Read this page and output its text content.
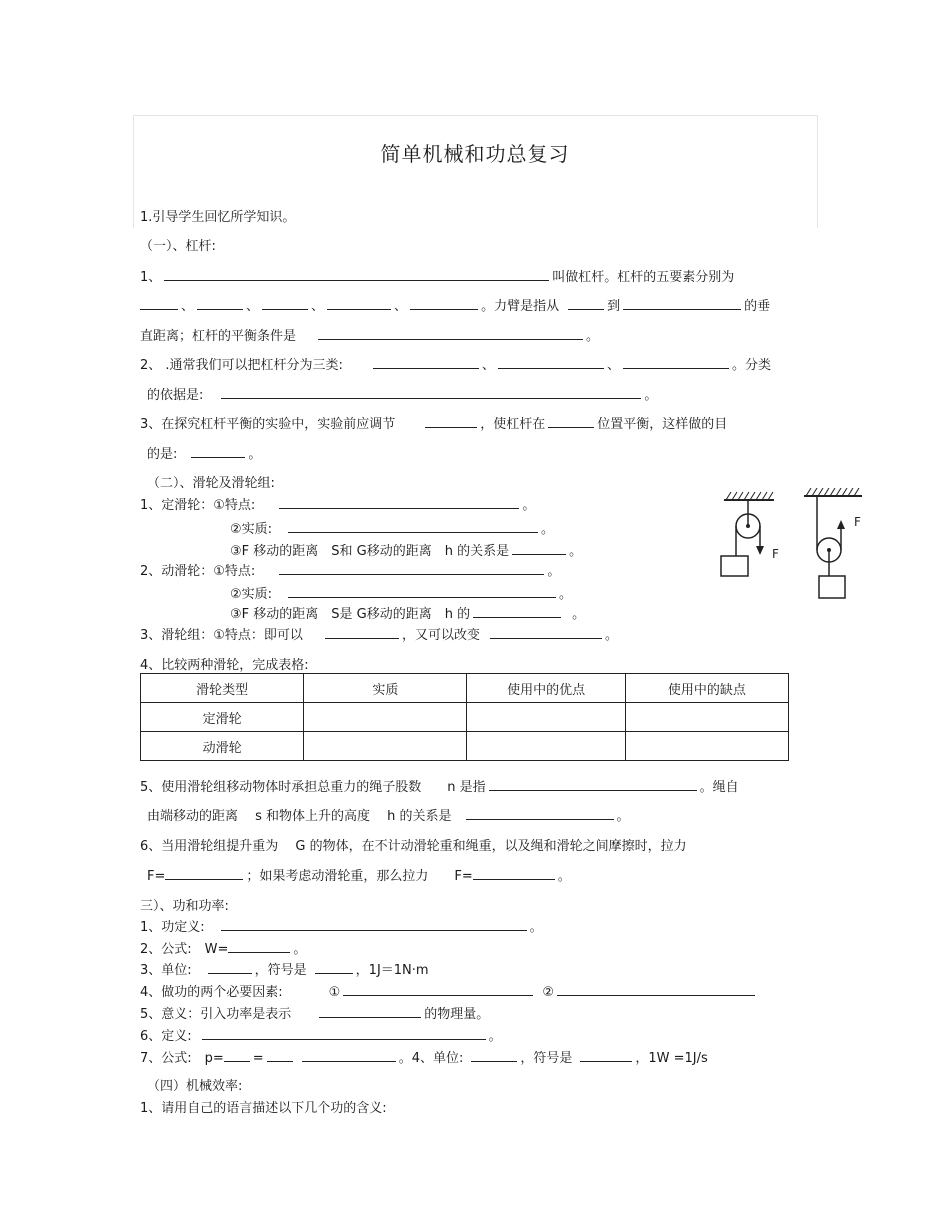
简单机械和功总复习
1.引导学生回忆所学知识。
（一）、杠杆:
1、	叫做杠杆。杠杆的五要素分别为
、	、	、	、	。力臂是指从	到	的垂
直距离；杠杆的平衡条件是	。
2、 .通常我们可以把杠杆分为三类:	、	、	。分类
的依据是:	。
3、在探究杠杆平衡的实验中，实验前应调节	，使杠杆在	位置平衡，这样做的目
的是:	。
（二）、滑轮及滑轮组:
1、定滑轮：①特点:	。
②实质:	。
③F 移动的距离　S和 G移动的距离　h 的关系是	。
2、动滑轮：①特点:	。
②实质:	。
③F 移动的距离　S是 G移动的距离　h 的	。
3、滑轮组：①特点：即可以	，又可以改变	。
4、比较两种滑轮，完成表格:
F
F
滑轮类型	实质	使用中的优点	使用中的缺点
定滑轮			
动滑轮			
5、使用滑轮组移动物体时承担总重力的绳子股数　　n 是指	。绳自
由端移动的距离　 s 和物体上升的高度　 h 的关系是	。
6、当用滑轮组提升重为　 G 的物体，在不计动滑轮重和绳重，以及绳和滑轮之间摩擦时，拉力
F=	；如果考虑动滑轮重，那么拉力　　F=	。
三）、功和功率:
1、功定义:	。
2、公式:　W=	。
3、单位:	，符号是	，1J＝1N·m
4、做功的两个必要因素:	①	②
5、意义：引入功率是表示	的物理量。
6、定义:	。
7、公式:　p= =	。4、单位:	，符号是	，1W =1J/s
（四）机械效率:
1、请用自己的语言描述以下几个功的含义:
